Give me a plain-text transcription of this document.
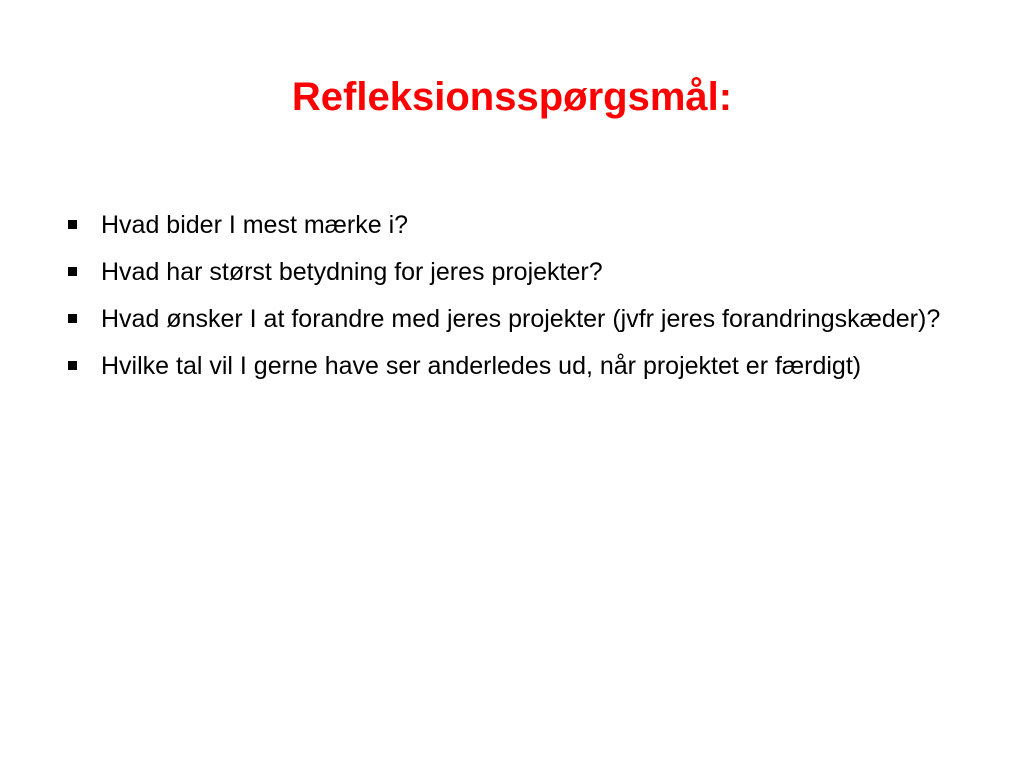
Refleksionsspørgsmål:
Hvad bider I mest mærke i?
Hvad har størst betydning for jeres projekter?
Hvad ønsker I at forandre med jeres projekter (jvfr jeres forandringskæder)?
Hvilke tal vil I gerne have ser anderledes ud, når projektet er færdigt)
